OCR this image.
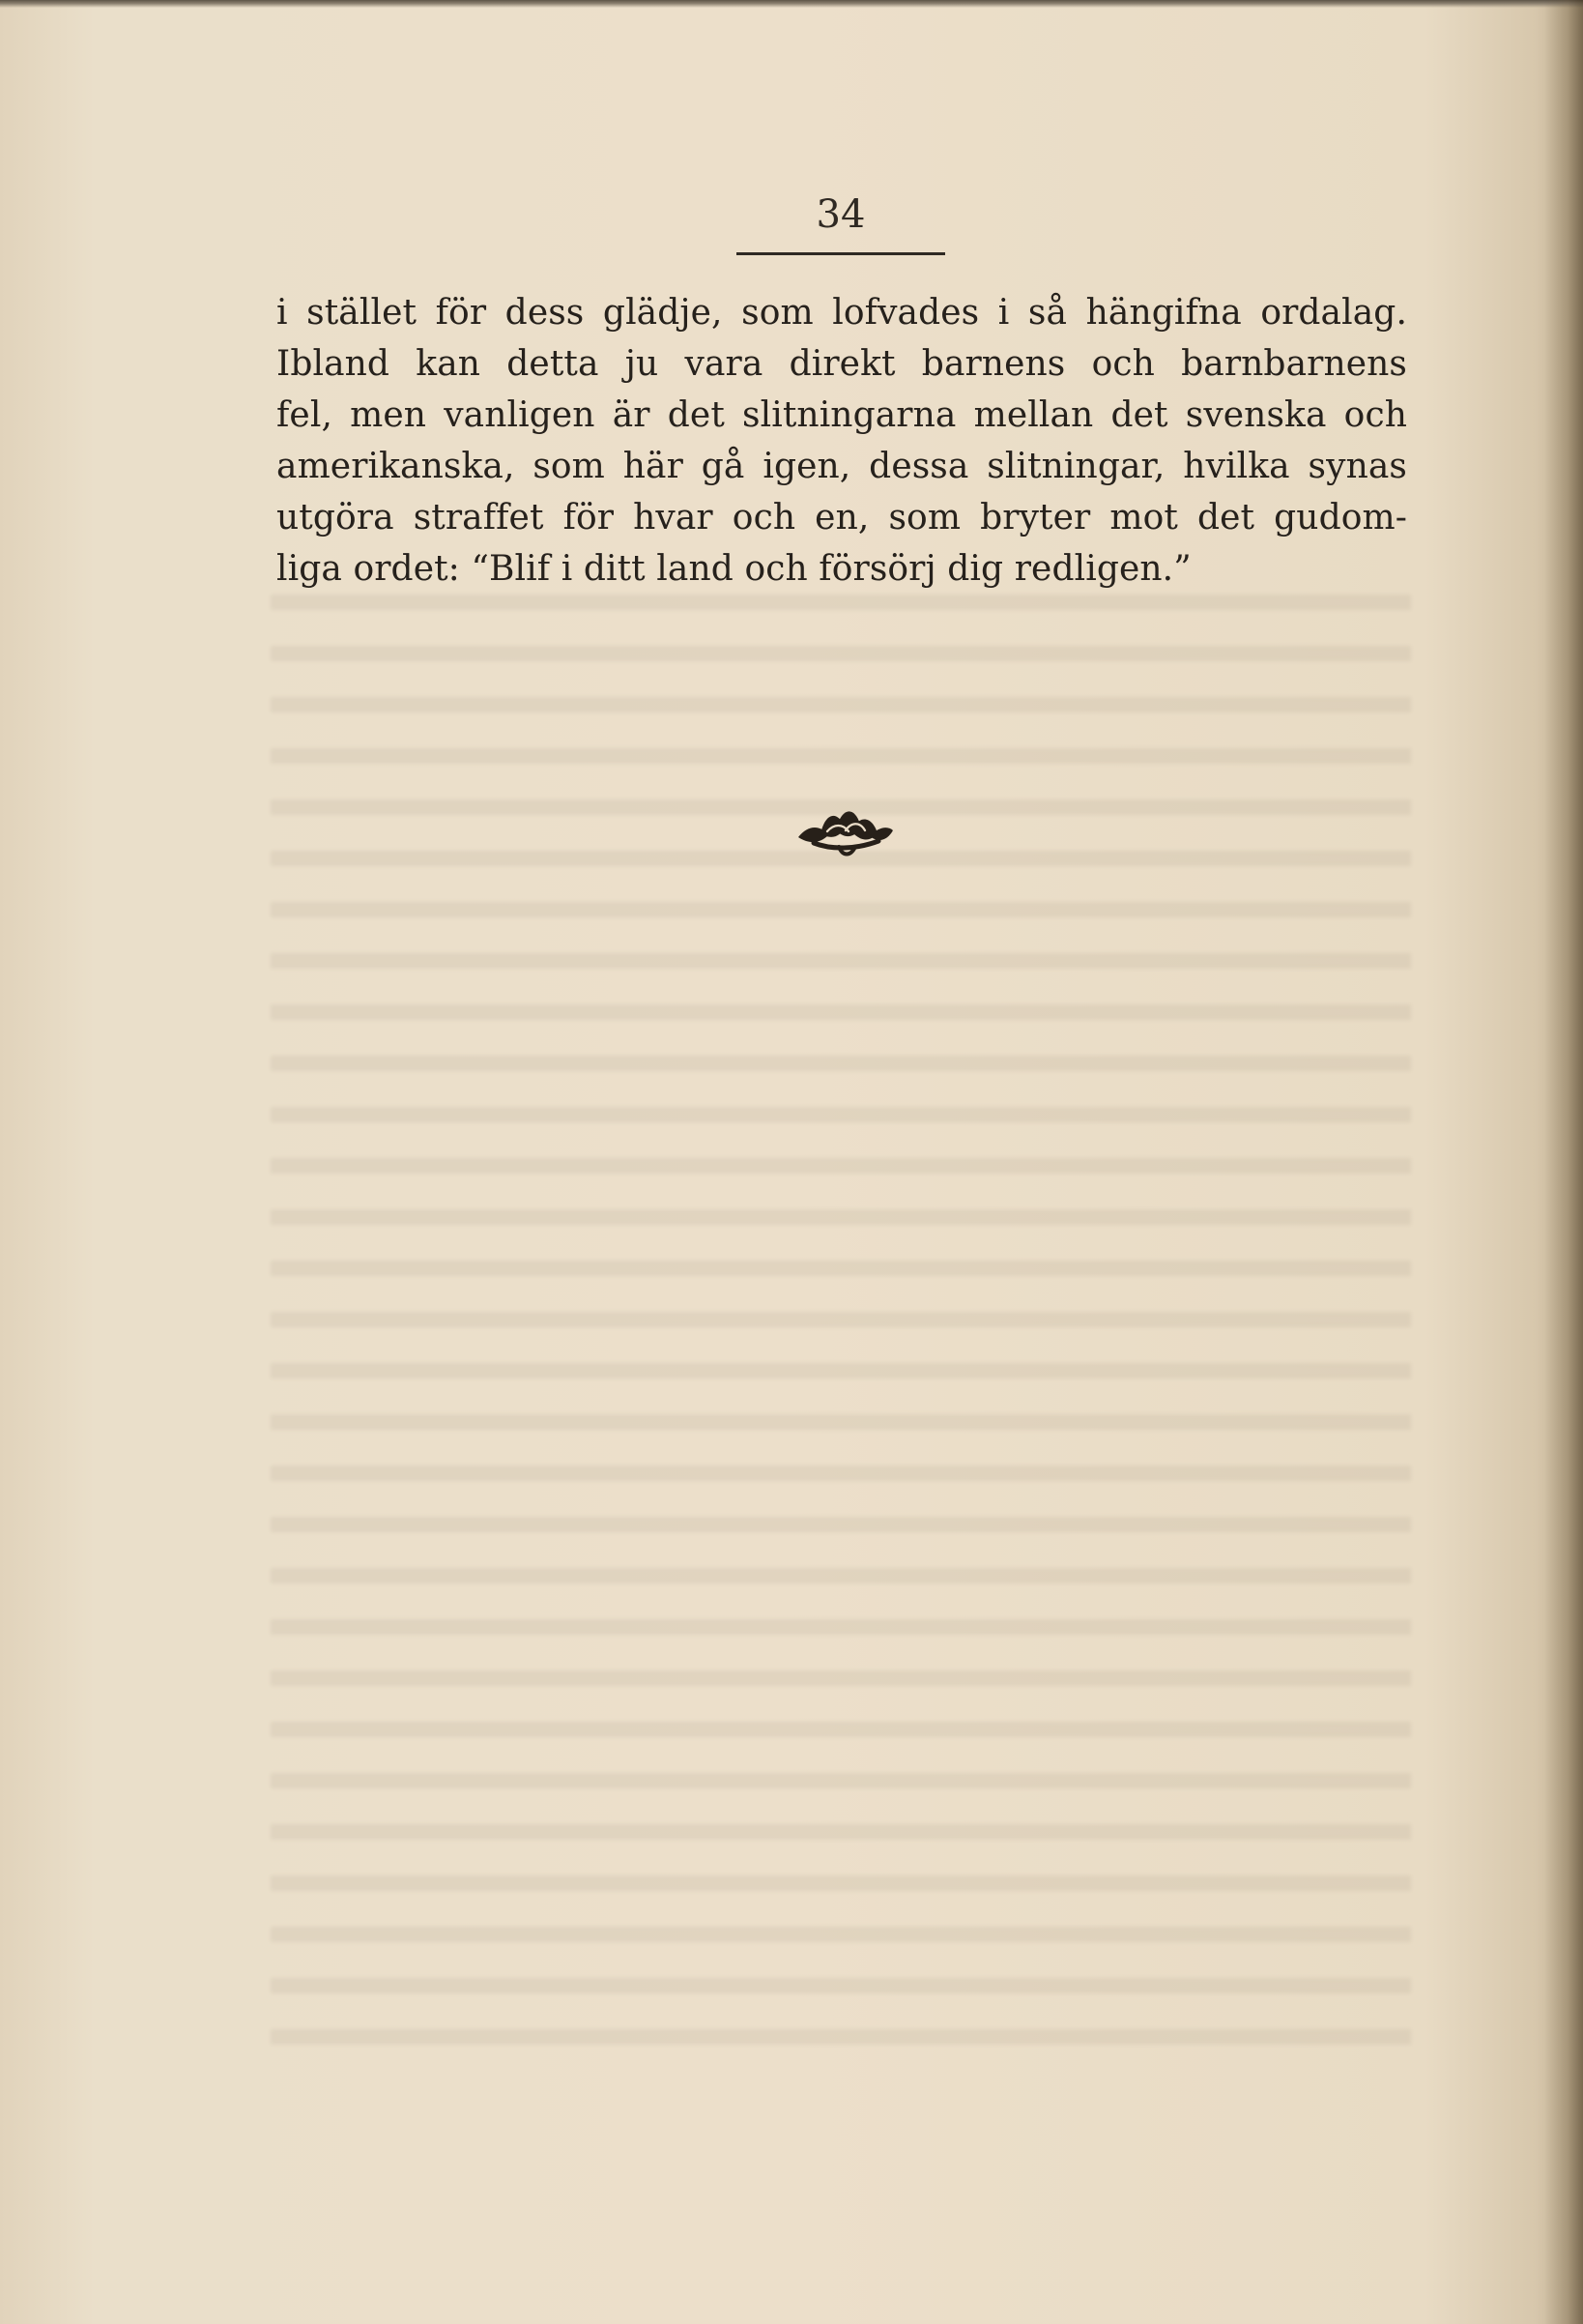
34
i stället för dess glädje, som lofvades i så hängifna ordalag.
Ibland kan detta ju vara direkt barnens och barnbarnens
fel, men vanligen är det slitningarna mellan det svenska och
amerikanska, som här gå igen, dessa slitningar, hvilka synas
utgöra straffet för hvar och en, som bryter mot det gudom-
liga ordet: “Blif i ditt land och försörj dig redligen.”
